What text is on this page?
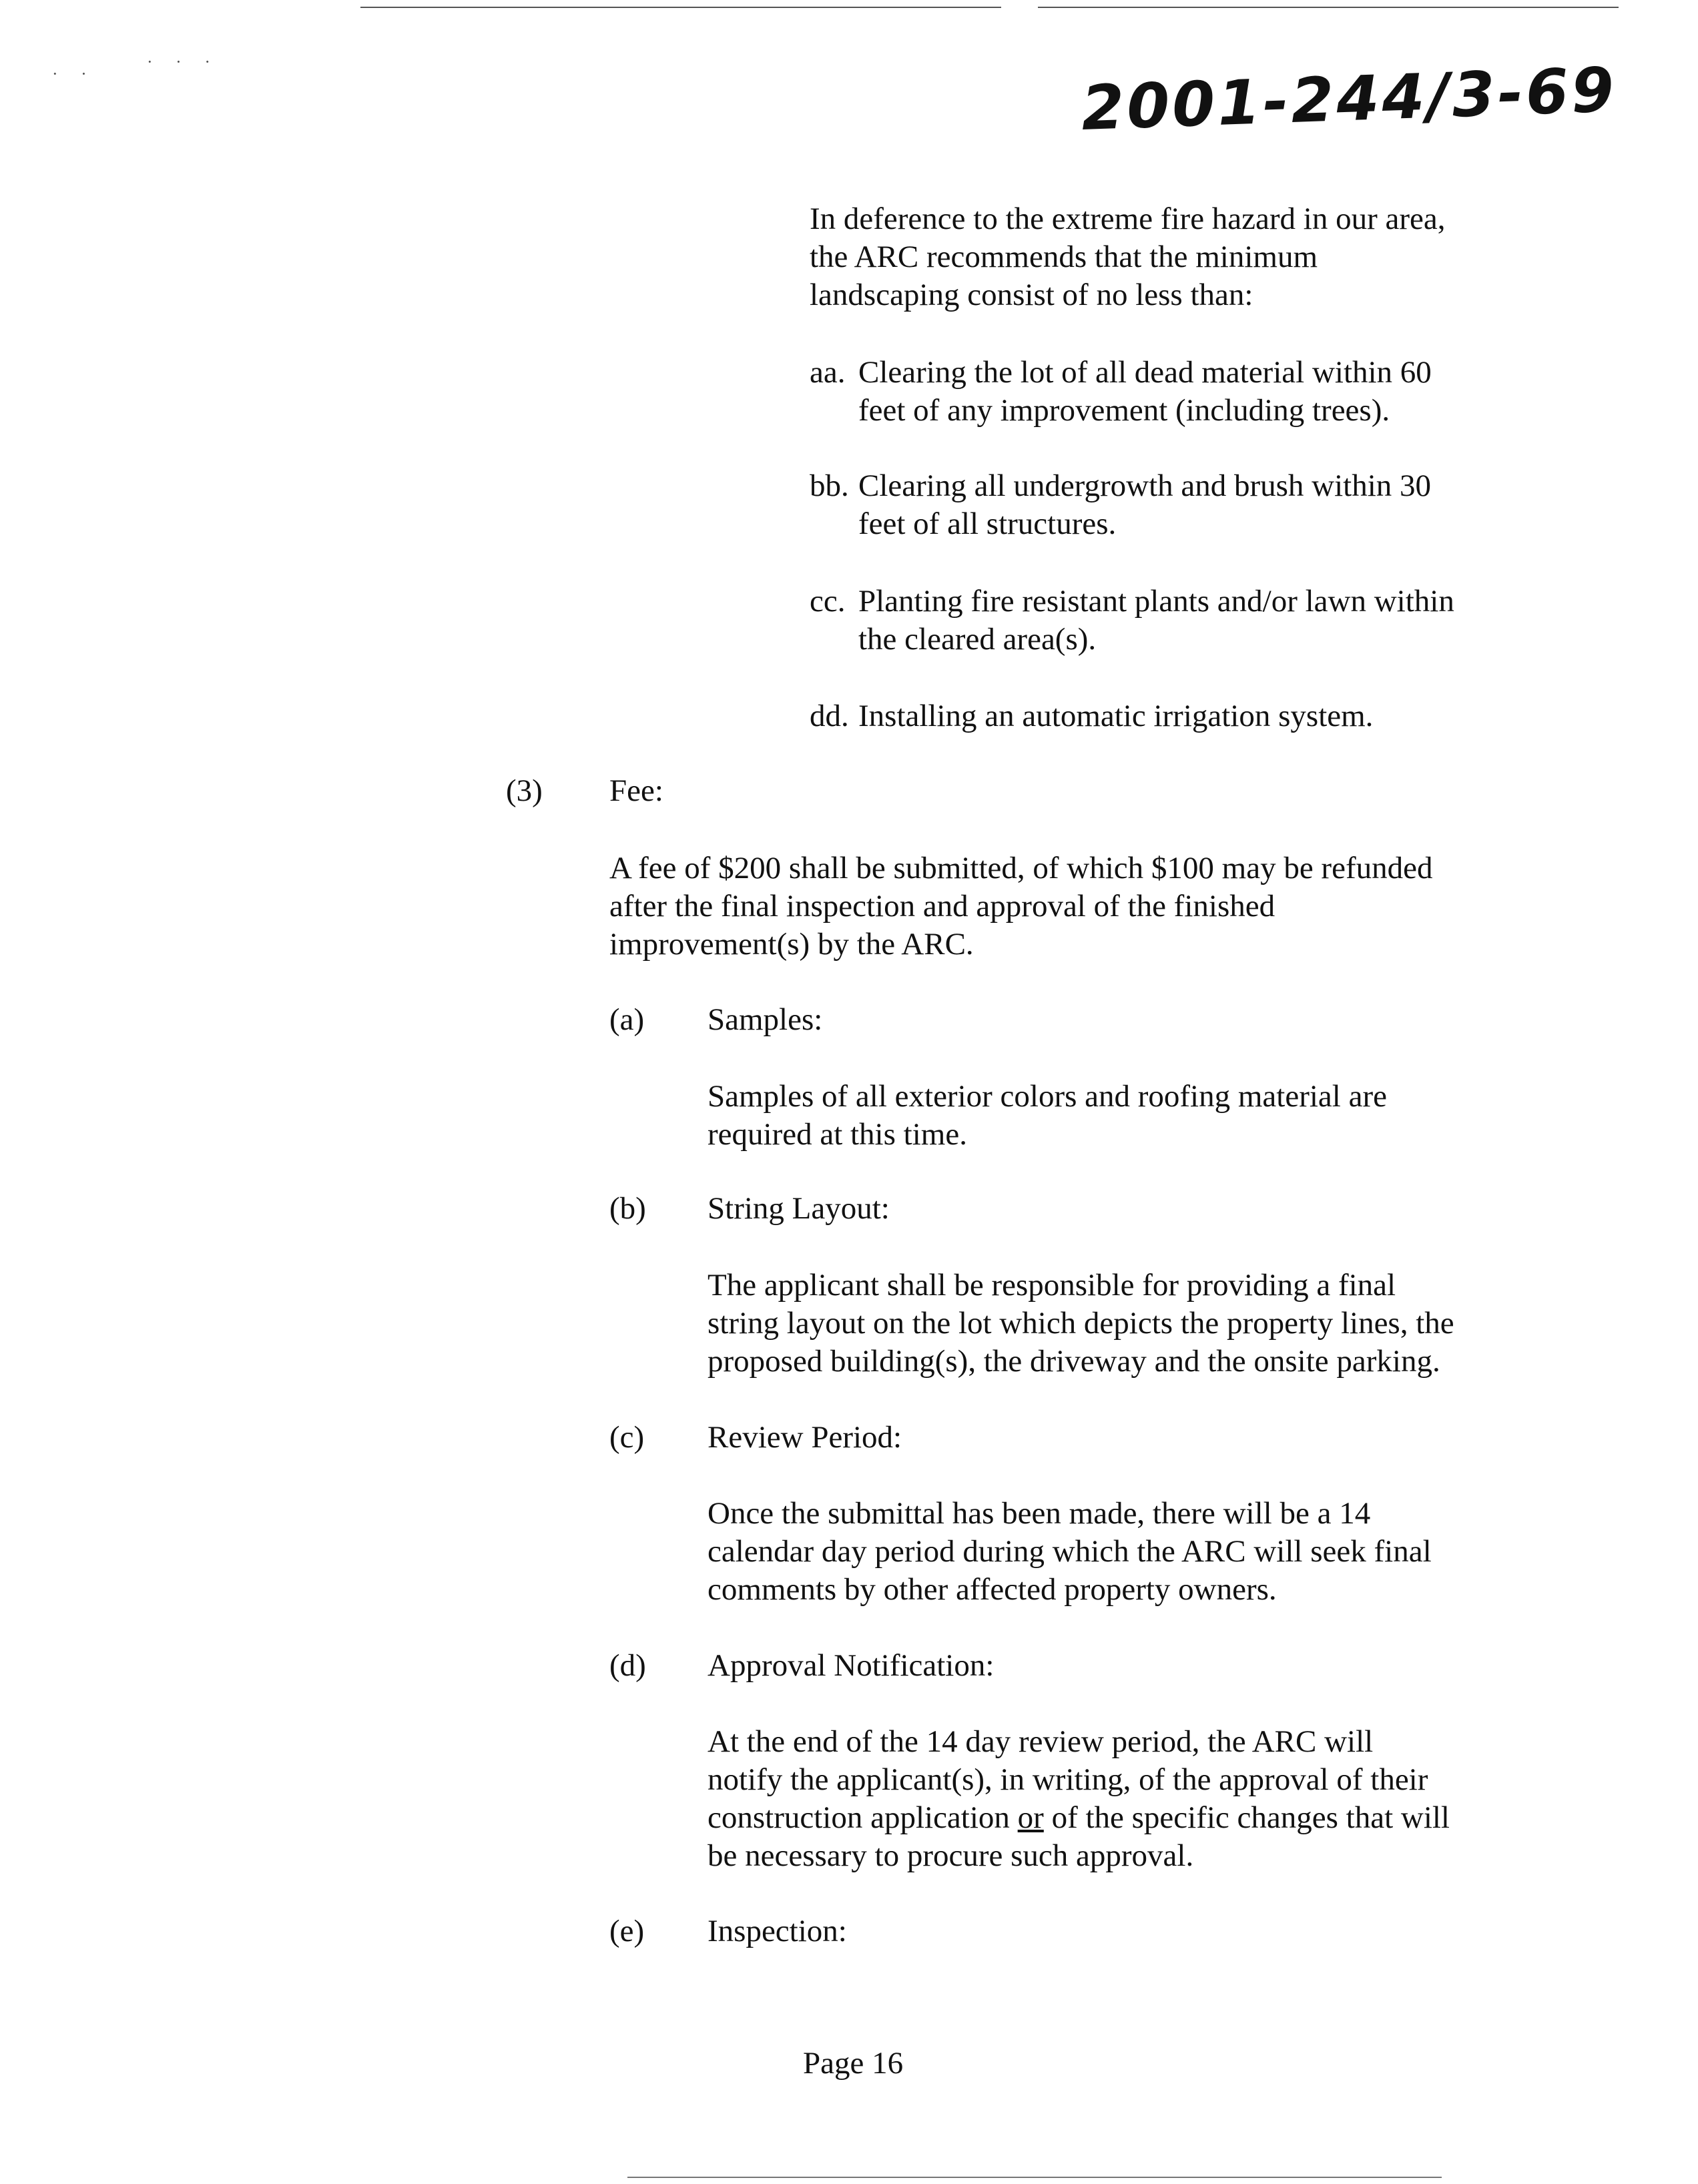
· ·
· · ·	2001-244/3-69

In deference to the extreme fire hazard in our area,

the ARC recommends that the minimum

landscaping consist of no less than:

aa. Clearing the lot of all dead material within 60

feet of any improvement (including trees).

bb. Clearing all undergrowth and brush within 30

feet of all structures.

cc. Planting fire resistant plants and/or lawn within

the cleared area(s).

dd. Installing an automatic irrigation system.

(3) Fee:

A fee of $200 shall be submitted, of which $100 may be refunded

after the final inspection and approval of the finished

improvement(s) by the ARC.

(a) Samples:

Samples of all exterior colors and roofing material are

required at this time.

(b) String Layout:

The applicant shall be responsible for providing a final

string layout on the lot which depicts the property lines, the

proposed building(s), the driveway and the onsite parking.

(c) Review Period:

Once the submittal has been made, there will be a 14

calendar day period during which the ARC will seek final

comments by other affected property owners.

(d) Approval Notification:

At the end of the 14 day review period, the ARC will

notify the applicant(s), in writing, of the approval of their

construction application or of the specific changes that will

be necessary to procure such approval.

(e) Inspection:

Page 16
